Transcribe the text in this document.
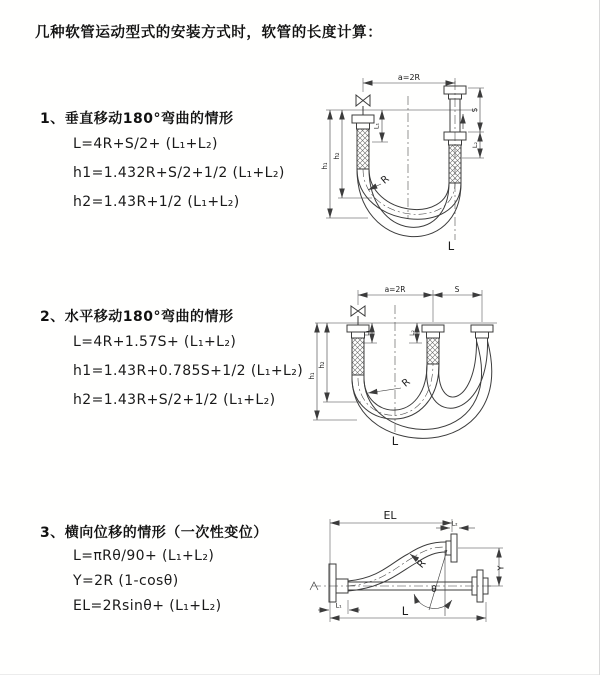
几种软管运动型式的安装方式时，软管的长度计算：
1、垂直移动180°弯曲的情形
L=4R+S/2+ (L₁+L₂)
h1=1.432R+S/2+1/2 (L₁+L₂)
h2=1.43R+1/2 (L₁+L₂)
2、水平移动180°弯曲的情形
L=4R+1.57S+ (L₁+L₂)
h1=1.43R+0.785S+1/2 (L₁+L₂)
h2=1.43R+S/2+1/2 (L₁+L₂)
3、横向位移的情形（一次性变位）
L=πRθ/90+ (L₁+L₂)
Y=2R (1-cosθ)
EL=2Rsinθ+ (L₁+L₂)
a=2R
L₁
S
L₂
h₁
h₂
R
L
a=2R	S
L₁	L₂
h₁
h₂
R
L
EL
L₂
Y
R
θ
L
L₁
